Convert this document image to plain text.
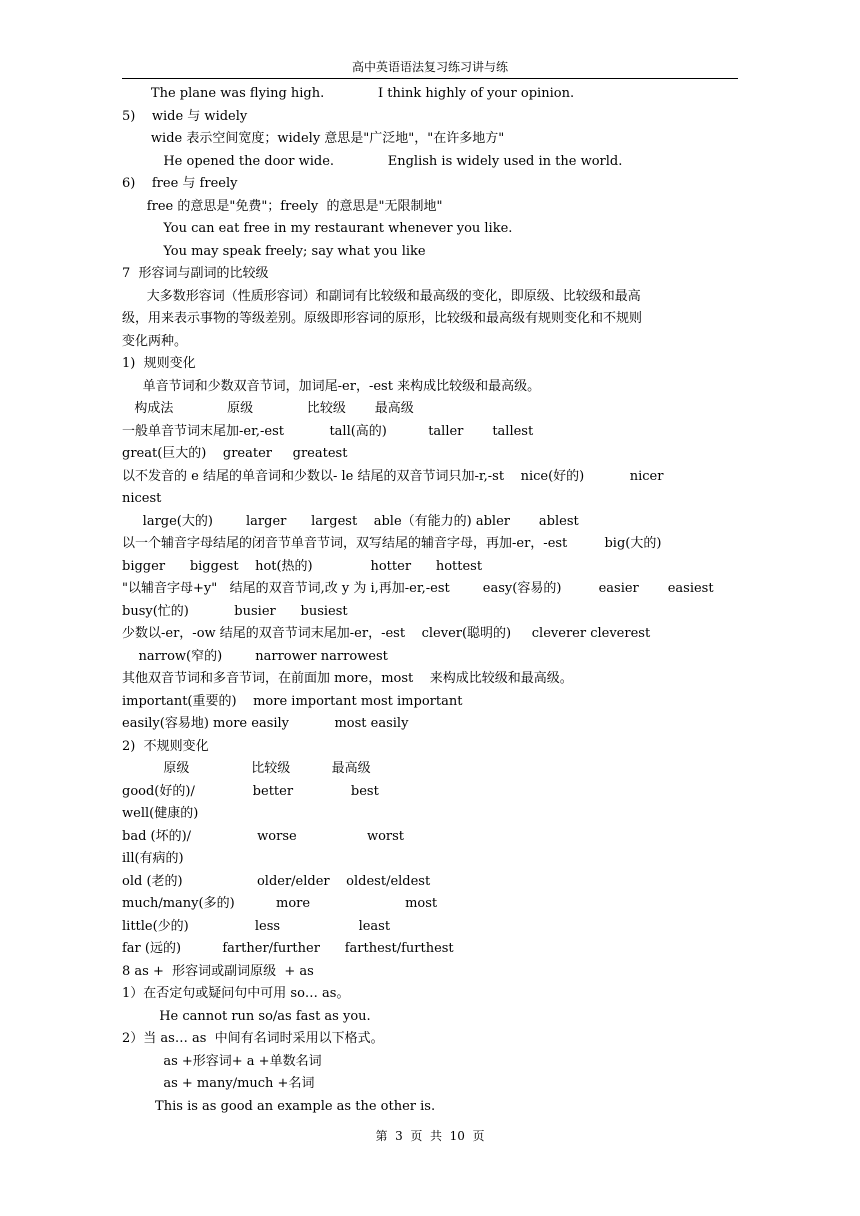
高中英语语法复习练习讲与练
The plane was flying high.             I think highly of your opinion.
5)    wide 与 widely
wide 表示空间宽度；widely 意思是"广泛地"，"在许多地方"
He opened the door wide.             English is widely used in the world.
6)    free 与 freely
free 的意思是"免费"；freely  的意思是"无限制地"
You can eat free in my restaurant whenever you like.
You may speak freely; say what you like
7  形容词与副词的比较级
大多数形容词（性质形容词）和副词有比较级和最高级的变化，即原级、比较级和最高
级，用来表示事物的等级差别。原级即形容词的原形，比较级和最高级有规则变化和不规则
变化两种。
1)  规则变化
单音节词和少数双音节词，加词尾-er，-est 来构成比较级和最高级。
构成法             原级             比较级       最高级
一般单音节词末尾加-er,-est           tall(高的)          taller       tallest
great(巨大的)    greater     greatest
以不发音的 e 结尾的单音词和少数以- le 结尾的双音节词只加-r,-st    nice(好的)           nicer
nicest
large(大的)        larger      largest    able（有能力的) abler       ablest
以一个辅音字母结尾的闭音节单音节词，双写结尾的辅音字母，再加-er，-est         big(大的)
bigger      biggest    hot(热的)              hotter      hottest
"以辅音字母+y"   结尾的双音节词,改 y 为 i,再加-er,-est        easy(容易的)         easier       easiest
busy(忙的)           busier      busiest
少数以-er，-ow 结尾的双音节词末尾加-er，-est    clever(聪明的)     cleverer cleverest
narrow(窄的)        narrower narrowest
其他双音节词和多音节词，在前面加 more，most    来构成比较级和最高级。
important(重要的)    more important most important
easily(容易地) more easily           most easily
2)  不规则变化
原级               比较级          最高级
good(好的)/              better              best
well(健康的)
bad (坏的)/                worse                 worst
ill(有病的)
old (老的)                  older/elder    oldest/eldest
much/many(多的)          more                       most
little(少的)                less                   least
far (远的)          farther/further      farthest/furthest
8 as +  形容词或副词原级  + as
1）在否定句或疑问句中可用 so… as。
He cannot run so/as fast as you.
2）当 as… as  中间有名词时采用以下格式。
as +形容词+ a +单数名词
as + many/much +名词
This is as good an example as the other is.
第  3  页  共  10  页
